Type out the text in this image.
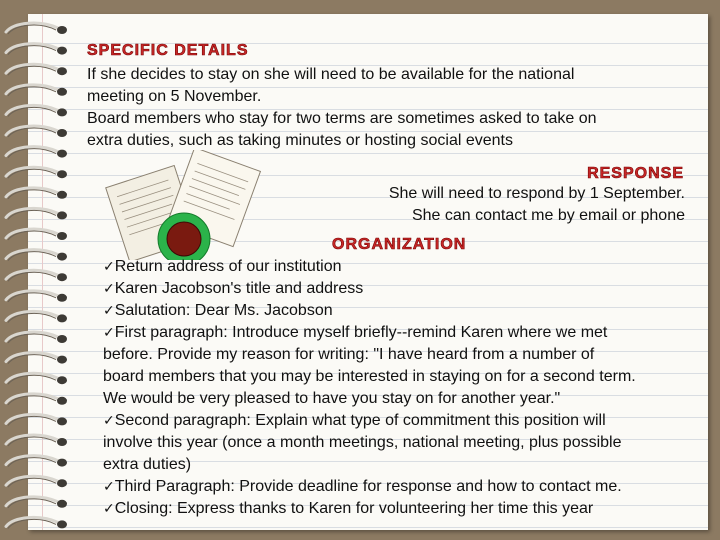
SPECIFIC DETAILS
If she decides to stay on she will need to be available for the national
meeting on 5 November.
Board members who stay for two terms are sometimes asked to take on
extra duties, such as taking minutes or hosting social events
RESPONSE
She will need to respond by 1 September.
She can contact me by email or phone
ORGANIZATION
✓Return address of our institution
✓Karen Jacobson's title and address
✓Salutation: Dear Ms. Jacobson
✓First paragraph: Introduce myself briefly--remind Karen where we met
before. Provide my reason for writing: "I have heard from a number of
board members that you may be interested in staying on for a second term.
We would be very pleased to have you stay on for another year."
✓Second paragraph: Explain what type of commitment this position will
involve this year (once a month meetings, national meeting, plus possible
extra duties)
✓Third Paragraph: Provide deadline for response and how to contact me.
✓Closing: Express thanks to Karen for volunteering her time this year
